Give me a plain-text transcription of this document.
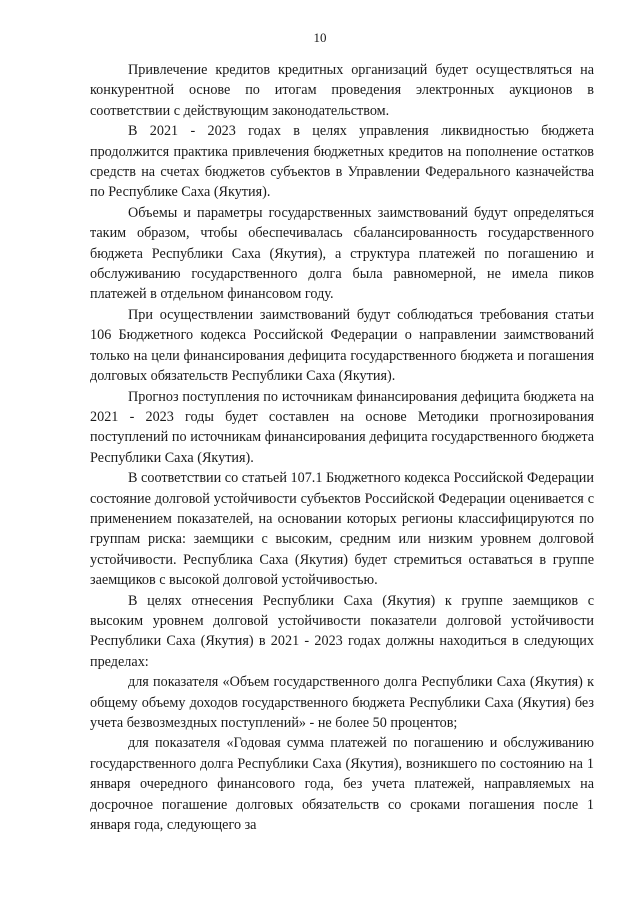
10

Привлечение кредитов кредитных организаций будет осуществляться на конкурентной основе по итогам проведения электронных аукционов в соответствии с действующим законодательством.

В 2021 - 2023 годах в целях управления ликвидностью бюджета продолжится практика привлечения бюджетных кредитов на пополнение остатков средств на счетах бюджетов субъектов в Управлении Федерального казначейства по Республике Саха (Якутия).

Объемы и параметры государственных заимствований будут определяться таким образом, чтобы обеспечивалась сбалансированность государственного бюджета Республики Саха (Якутия), а структура платежей по погашению и обслуживанию государственного долга была равномерной, не имела пиков платежей в отдельном финансовом году.

При осуществлении заимствований будут соблюдаться требования статьи 106 Бюджетного кодекса Российской Федерации о направлении заимствований только на цели финансирования дефицита государственного бюджета и погашения долговых обязательств Республики Саха (Якутия).

Прогноз поступления по источникам финансирования дефицита бюджета на 2021 - 2023 годы будет составлен на основе Методики прогнозирования поступлений по источникам финансирования дефицита государственного бюджета Республики Саха (Якутия).

В соответствии со статьей 107.1 Бюджетного кодекса Российской Федерации состояние долговой устойчивости субъектов Российской Федерации оценивается с применением показателей, на основании которых регионы классифицируются по группам риска: заемщики с высоким, средним или низким уровнем долговой устойчивости. Республика Саха (Якутия) будет стремиться оставаться в группе заемщиков с высокой долговой устойчивостью.

В целях отнесения Республики Саха (Якутия) к группе заемщиков с высоким уровнем долговой устойчивости показатели долговой устойчивости Республики Саха (Якутия) в 2021 - 2023 годах должны находиться в следующих пределах:

для показателя «Объем государственного долга Республики Саха (Якутия) к общему объему доходов государственного бюджета Республики Саха (Якутия) без учета безвозмездных поступлений» - не более 50 процентов;

для показателя «Годовая сумма платежей по погашению и обслуживанию государственного долга Республики Саха (Якутия), возникшего по состоянию на 1 января очередного финансового года, без учета платежей, направляемых на досрочное погашение долговых обязательств со сроками погашения после 1 января года, следующего за
